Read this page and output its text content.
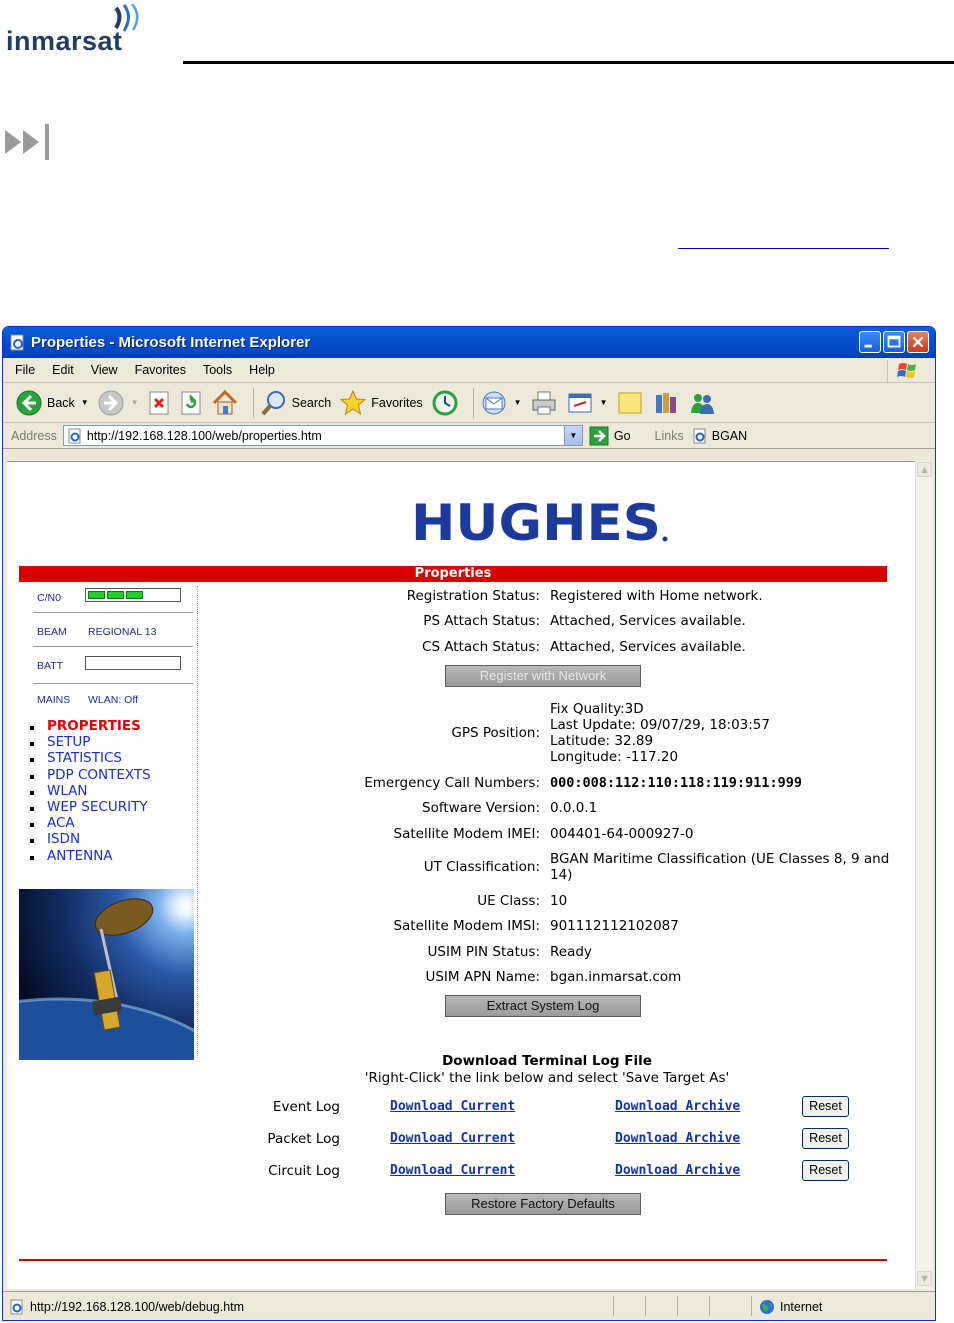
inmarsat
Properties - Microsoft Internet Explorer
File Edit View Favorites Tools Help
Back ▼	▼	Search	Favorites	▼	▼
Address http://192.168.128.100/web/properties.htm	▼	Go Links BGAN
HUGHES
Properties
C/N0
BEAM REGIONAL 13
BATT
MAINS WLAN: Off
PROPERTIES
SETUP
STATISTICS
PDP CONTEXTS
WLAN
WEP SECURITY
ACA
ISDN
ANTENNA
Registration Status: Registered with Home network.
PS Attach Status: Attached, Services available.
CS Attach Status: Attached, Services available.
Register with Network
GPS Position:
Fix Quality:3D
Last Update: 09/07/29, 18:03:57
Latitude: 32.89
Longitude: -117.20
Emergency Call Numbers: 000:008:112:110:118:119:911:999
Software Version: 0.0.0.1
Satellite Modem IMEI: 004401-64-000927-0
UT Classification: BGAN Maritime Classification (UE Classes 8, 9 and 14)
UE Class: 10
Satellite Modem IMSI: 901112112102087
USIM PIN Status: Ready
USIM APN Name: bgan.inmarsat.com
Extract System Log
Download Terminal Log File
'Right-Click' the link below and select 'Save Target As'
Event Log	Download Current	Download Archive	Reset
Packet Log	Download Current	Download Archive	Reset
Circuit Log	Download Current	Download Archive	Reset
Restore Factory Defaults
▲
▼
http://192.168.128.100/web/debug.htm	Internet
